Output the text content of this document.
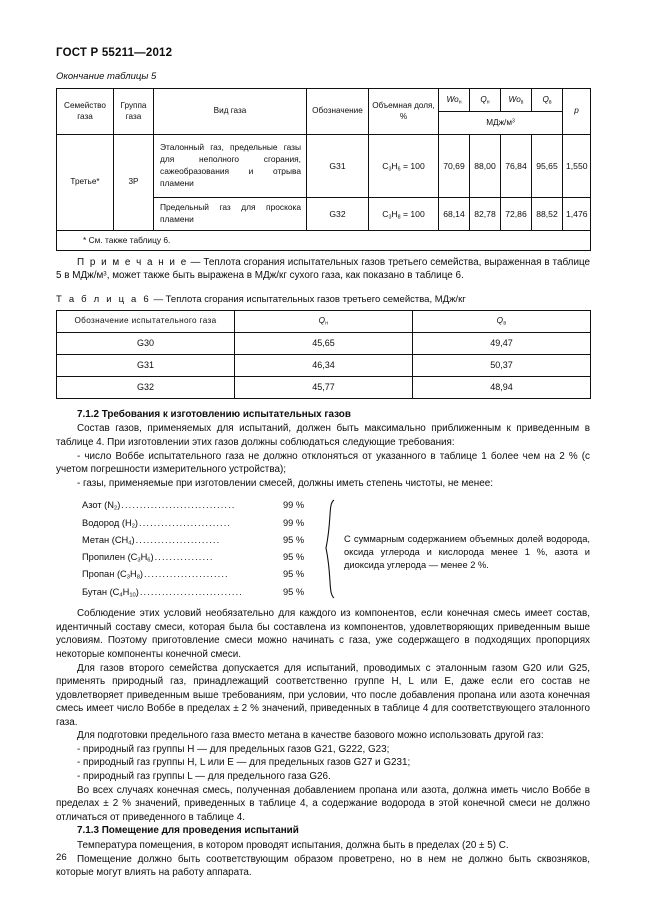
ГОСТ Р 55211—2012
Окончание таблицы 5
Семейство газа	Группа газа	Вид газа	Обозначение	Объемная доля, %	$Wo_н$	$Q_н$	$Wo_в$	$Q_в$	p
					МДж/$м^3$
Третье*	3Р	Эталонный газ, предельные газы для неполного сгорания, сажеобразования и отрыва пламени	G31	$C_3H_6 = 100$	70,69	88,00	76,84	95,65	1,550
		Предельный газ для проскока пламени	G32	$C_3H_8 = 100$	68,14	82,78	72,86	88,52	1,476
* См. также таблицу 6.									

П р и м е ч а н и е — Теплота сгорания испытательных газов третьего семейства, выраженная в таблице 5 в МДж/$м^3$, может также быть выражена в МДж/кг сухого газа, как показано в таблице 6.

Т а б л и ц а 6 — Теплота сгорания испытательных газов третьего семейства, МДж/кг
Обозначение испытательного газа	$Q_н$	$Q_в$
G30	45,65	49,47
G31	46,34	50,37
G32	45,77	48,94
7.1.2 Требования к изготовлению испытательных газов

Состав газов, применяемых для испытаний, должен быть максимально приближенным к приведенным в таблице 4. При изготовлении этих газов должны соблюдаться следующие требования:

- число Воббе испытательного газа не должно отклоняться от указанного в таблице 1 более чем на 2 % (с учетом погрешности измерительного устройства);

- газы, применяемые при изготовлении смесей, должны иметь степень чистоты, не менее:

Азот $(N_2)$ ...............................	99 %
Водород $(H_2)$ .........................	99 %
Метан $(CH_4)$ .......................	95 %
Пропилен $(C_3H_6)$ ................	95 %
Пропан $(C_3H_8)$ .......................	95 %
Бутан $(C_4H_{10})$ ............................	95 %
С суммарным содержанием объемных долей водорода, оксида углерода и кислорода менее 1 %, азота и диоксида углерода — менее 2 %.

Соблюдение этих условий необязательно для каждого из компонентов, если конечная смесь имеет состав, идентичный составу смеси, которая была бы составлена из компонентов, удовлетворяющих приведенным выше условиям. Поэтому приготовление смеси можно начинать с газа, уже содержащего в подходящих пропорциях некоторые компоненты конечной смеси.

Для газов второго семейства допускается для испытаний, проводимых с эталонным газом G20 или G25, применять природный газ, принадлежащий соответственно группе H, L или E, даже если его состав не удовлетворяет приведенным выше требованиям, при условии, что после добавления пропана или азота конечная смесь имеет число Воббе в пределах ± 2 % значений, приведенных в таблице 4 для соответствующего эталонного газа.

Для подготовки предельного газа вместо метана в качестве базового можно использовать другой газ:

- природный газ группы H — для предельных газов G21, G222, G23;

- природный газ группы H, L или E — для предельных газов G27 и G231;

- природный газ группы L — для предельного газа G26.

Во всех случаях конечная смесь, полученная добавлением пропана или азота, должна иметь число Воббе в пределах ± 2 % значений, приведенных в таблице 4, а содержание водорода в этой конечной смеси не должно отличаться от приведенного в таблице 4.

7.1.3 Помещение для проведения испытаний

Температура помещения, в котором проводят испытания, должна быть в пределах (20 ± 5) С.

Помещение должно быть соответствующим образом проветрено, но в нем не должно быть сквозняков, которые могут влиять на работу аппарата.

26
